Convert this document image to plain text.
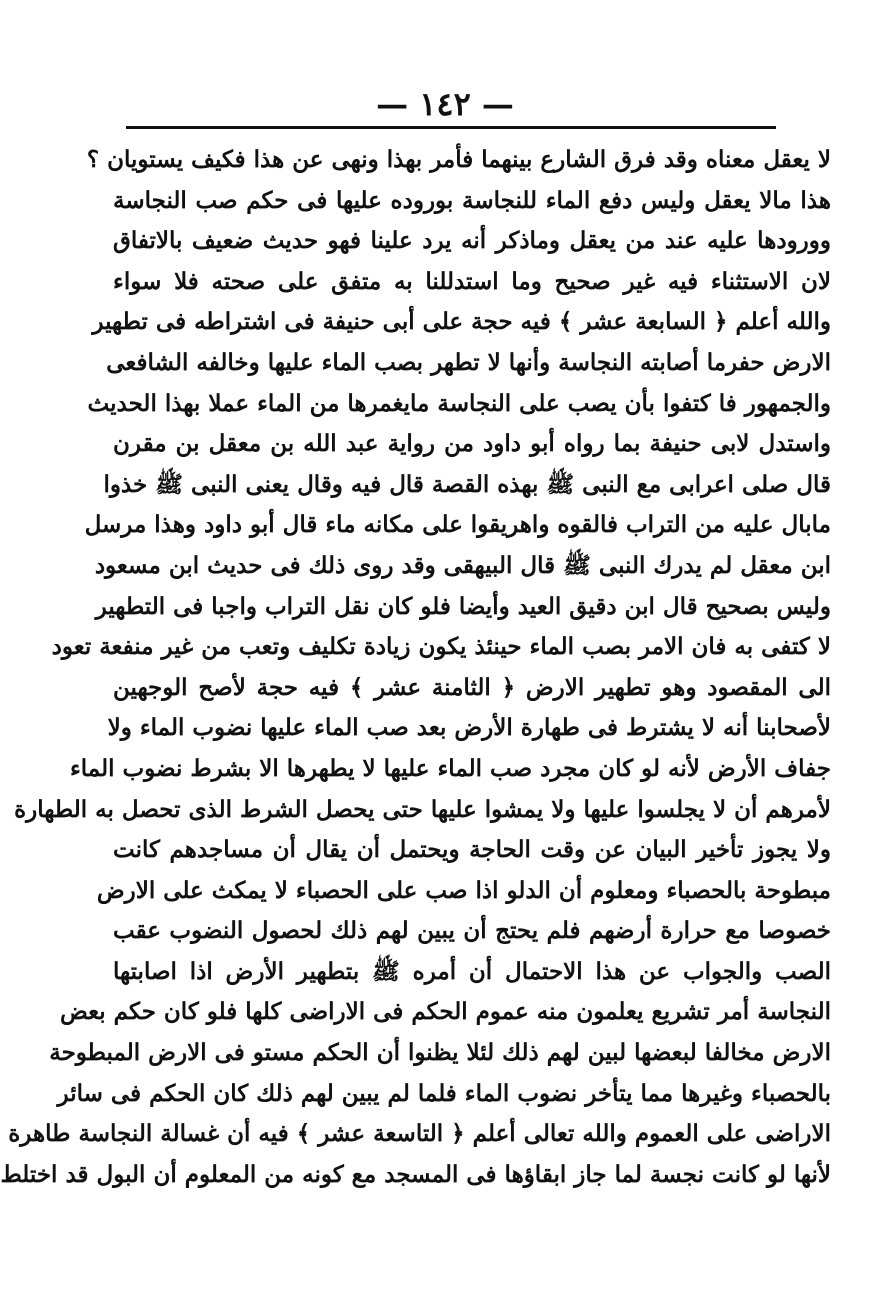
— ١٤٢ —
لا يعقل معناه وقد فرق الشارع بينهما فأمر بهذا ونهى عن هذا فكيف يستويان ؟
هذا مالا يعقل وليس دفع الماء للنجاسة بوروده عليها فى حكم صب النجاسة
وورودها عليه عند من يعقل وماذكر أنه يرد علينا فهو حديث ضعيف بالاتفاق
لان الاستثناء فيه غير صحيح وما استدللنا به متفق على صحته فلا سواء
والله أعلم ﴿ السابعة عشر ﴾ فيه حجة على أبى حنيفة فى اشتراطه فى تطهير
الارض حفرما أصابته النجاسة وأنها لا تطهر بصب الماء عليها وخالفه الشافعى
والجمهور فا كتفوا بأن يصب على النجاسة مايغمرها من الماء عملا بهذا الحديث
واستدل لابى حنيفة بما رواه أبو داود من رواية عبد الله بن معقل بن مقرن
قال صلى اعرابى مع النبى ﷺ بهذه القصة قال فيه وقال يعنى النبى ﷺ خذوا
مابال عليه من التراب فالقوه واهريقوا على مكانه ماء قال أبو داود وهذا مرسل
ابن معقل لم يدرك النبى ﷺ قال البيهقى وقد روى ذلك فى حديث ابن مسعود
وليس بصحيح قال ابن دقيق العيد وأيضا فلو كان نقل التراب واجبا فى التطهير
لا كتفى به فان الامر بصب الماء حينئذ يكون زيادة تكليف وتعب من غير منفعة تعود
الى المقصود وهو تطهير الارض ﴿ الثامنة عشر ﴾ فيه حجة لأصح الوجهين
لأصحابنا أنه لا يشترط فى طهارة الأرض بعد صب الماء عليها نضوب الماء ولا
جفاف الأرض لأنه لو كان مجرد صب الماء عليها لا يطهرها الا بشرط نضوب الماء
لأمرهم أن لا يجلسوا عليها ولا يمشوا عليها حتى يحصل الشرط الذى تحصل به الطهارة
ولا يجوز تأخير البيان عن وقت الحاجة ويحتمل أن يقال أن مساجدهم كانت
مبطوحة بالحصباء ومعلوم أن الدلو اذا صب على الحصباء لا يمكث على الارض
خصوصا مع حرارة أرضهم فلم يحتج أن يبين لهم ذلك لحصول النضوب عقب
الصب والجواب عن هذا الاحتمال أن أمره ﷺ بتطهير الأرض اذا اصابتها
النجاسة أمر تشريع يعلمون منه عموم الحكم فى الاراضى كلها فلو كان حكم بعض
الارض مخالفا لبعضها لبين لهم ذلك لئلا يظنوا أن الحكم مستو فى الارض المبطوحة
بالحصباء وغيرها مما يتأخر نضوب الماء فلما لم يبين لهم ذلك كان الحكم فى سائر
الاراضى على العموم والله تعالى أعلم ﴿ التاسعة عشر ﴾ فيه أن غسالة النجاسة طاهرة
لأنها لو كانت نجسة لما جاز ابقاؤها فى المسجد مع كونه من المعلوم أن البول قد اختلط
